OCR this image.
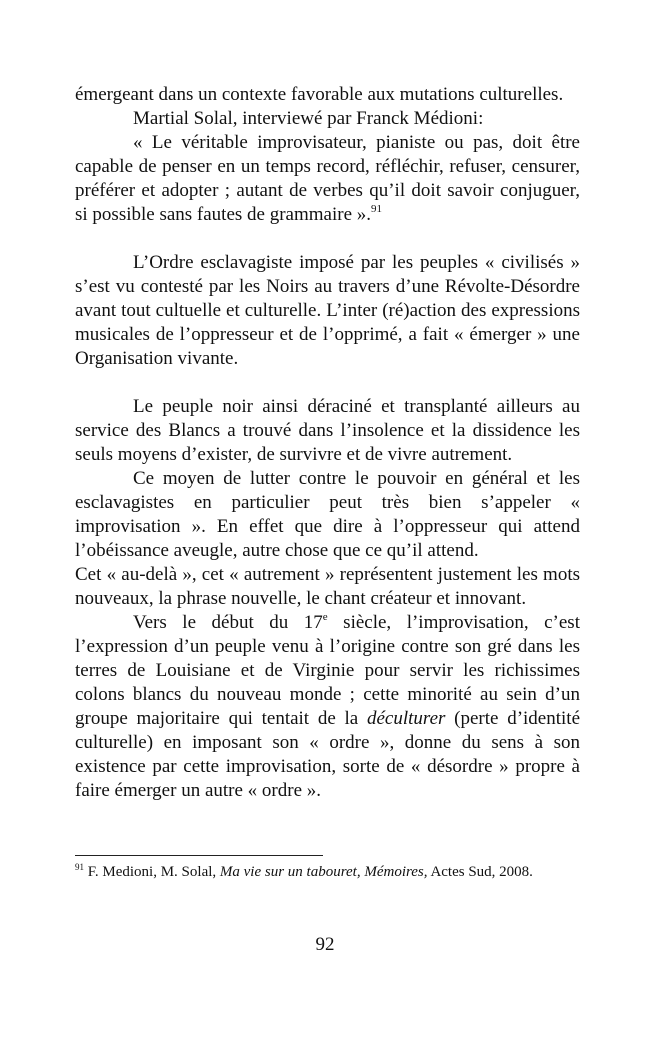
émergeant dans un contexte favorable aux mutations culturelles.

Martial Solal, interviewé par Franck Médioni:

« Le véritable improvisateur, pianiste ou pas, doit être capable de penser en un temps record, réfléchir, refuser, censurer, préférer et adopter ; autant de verbes qu’il doit savoir conjuguer, si possible sans fautes de grammaire ».$^{91}$

L’Ordre esclavagiste imposé par les peuples « civilisés » s’est vu contesté par les Noirs au travers d’une Révolte-Désordre avant tout cultuelle et culturelle. L’inter (ré)action des expressions musicales de l’oppresseur et de l’opprimé, a fait « émerger » une Organisation vivante.

Le peuple noir ainsi déraciné et transplanté ailleurs au service des Blancs a trouvé dans l’insolence et la dissidence les seuls moyens d’exister, de survivre et de vivre autrement.

Ce moyen de lutter contre le pouvoir en général et les esclavagistes en particulier peut très bien s’appeler « improvisation ». En effet que dire à l’oppresseur qui attend l’obéissance aveugle, autre chose que ce qu’il attend.

Cet « au-delà », cet « autrement » représentent justement les mots nouveaux, la phrase nouvelle, le chant créateur et innovant.

Vers le début du 17e siècle, l’improvisation, c’est l’expression d’un peuple venu à l’origine contre son gré dans les terres de Louisiane et de Virginie pour servir les richissimes colons blancs du nouveau monde ; cette minorité au sein d’un groupe majoritaire qui tentait de la déculturer (perte d’identité culturelle) en imposant son « ordre », donne du sens à son existence par cette improvisation, sorte de « désordre » propre à faire émerger un autre « ordre ».

$^{91}$ F. Medioni, M. Solal, Ma vie sur un tabouret, Mémoires, Actes Sud, 2008.
92
